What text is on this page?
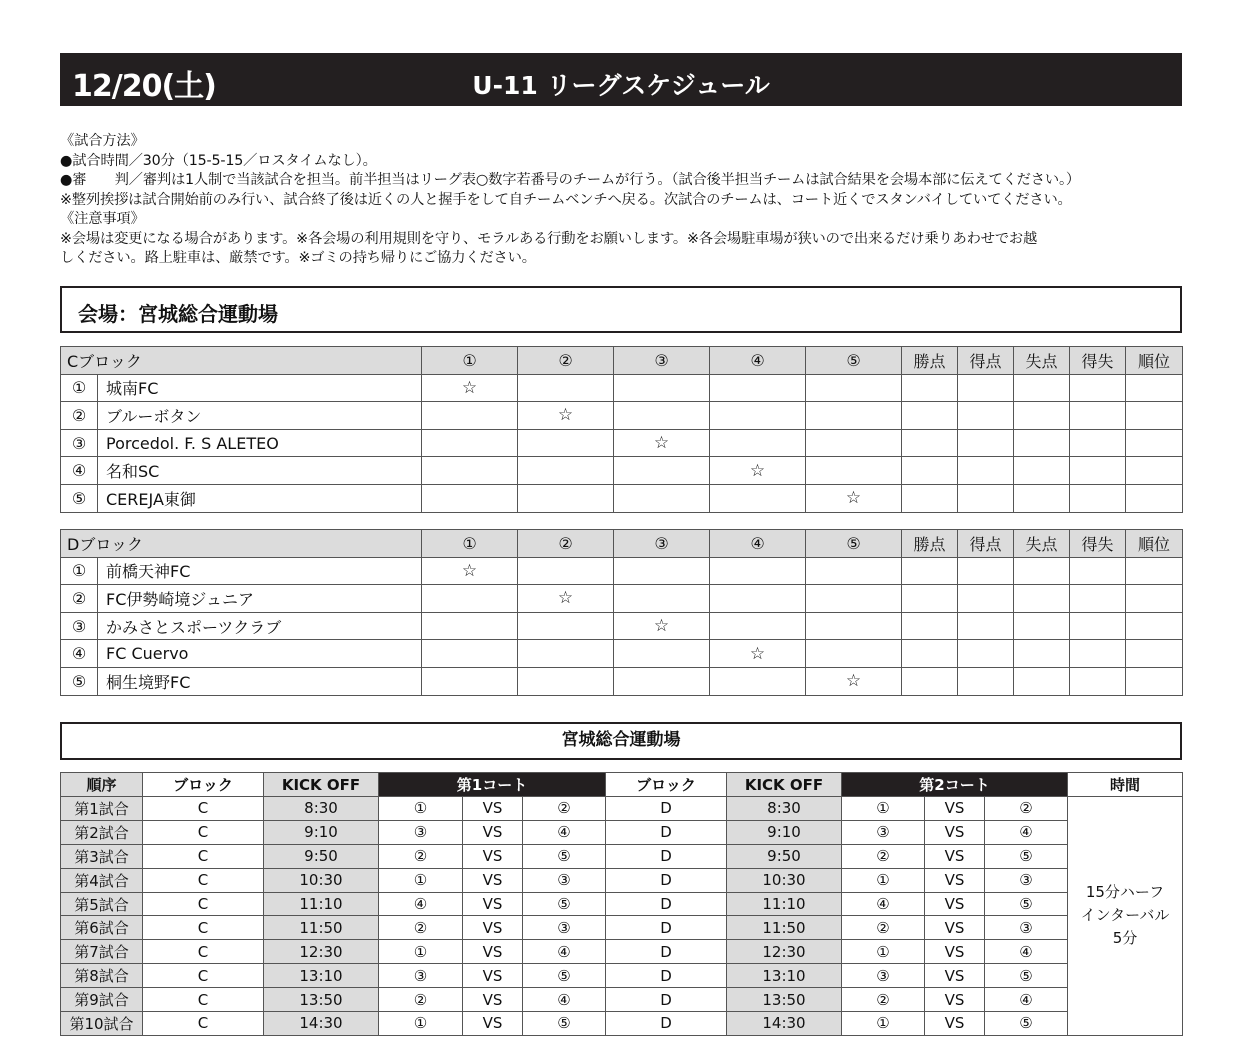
12/20(土)	U-11 リーグスケジュール
《試合方法》
●試合時間／30分（15-5-15／ロスタイムなし）。
●審　　判／審判は1人制で当該試合を担当。前半担当はリーグ表○数字若番号のチームが行う。（試合後半担当チームは試合結果を会場本部に伝えてください。）
※整列挨拶は試合開始前のみ行い、試合終了後は近くの人と握手をして自チームベンチへ戻る。次試合のチームは、コート近くでスタンバイしていてください。
《注意事項》
※会場は変更になる場合があります。※各会場の利用規則を守り、モラルある行動をお願いします。※各会場駐車場が狭いので出来るだけ乗りあわせでお越
しください。路上駐車は、厳禁です。※ゴミの持ち帰りにご協力ください。
会場：宮城総合運動場
Cブロック		①	②	③	④	⑤	勝点	得点	失点	得失	順位
①	城南FC	☆									
②	ブルーボタン		☆								
③	Porcedol. F. S ALETEO			☆							
④	名和SC				☆						
⑤	CEREJA東御					☆					
Dブロック		①	②	③	④	⑤	勝点	得点	失点	得失	順位
①	前橋天神FC	☆									
②	FC伊勢崎境ジュニア		☆								
③	かみさとスポーツクラブ			☆							
④	FC Cuervo				☆						
⑤	桐生境野FC					☆					
宮城総合運動場
順序	ブロック	KICK OFF	第1コート			ブロック	KICK OFF	第2コート			時間
第1試合	C	8:30	①	VS	②	D	8:30	①	VS	②	15分ハーフ
インターバル
5分

第2試合	C	9:10	③	VS	④	D	9:10	③	VS	④	
第3試合	C	9:50	②	VS	⑤	D	9:50	②	VS	⑤	
第4試合	C	10:30	①	VS	③	D	10:30	①	VS	③	
第5試合	C	11:10	④	VS	⑤	D	11:10	④	VS	⑤	
第6試合	C	11:50	②	VS	③	D	11:50	②	VS	③	
第7試合	C	12:30	①	VS	④	D	12:30	①	VS	④	
第8試合	C	13:10	③	VS	⑤	D	13:10	③	VS	⑤	
第9試合	C	13:50	②	VS	④	D	13:50	②	VS	④	
第10試合	C	14:30	①	VS	⑤	D	14:30	①	VS	⑤	
